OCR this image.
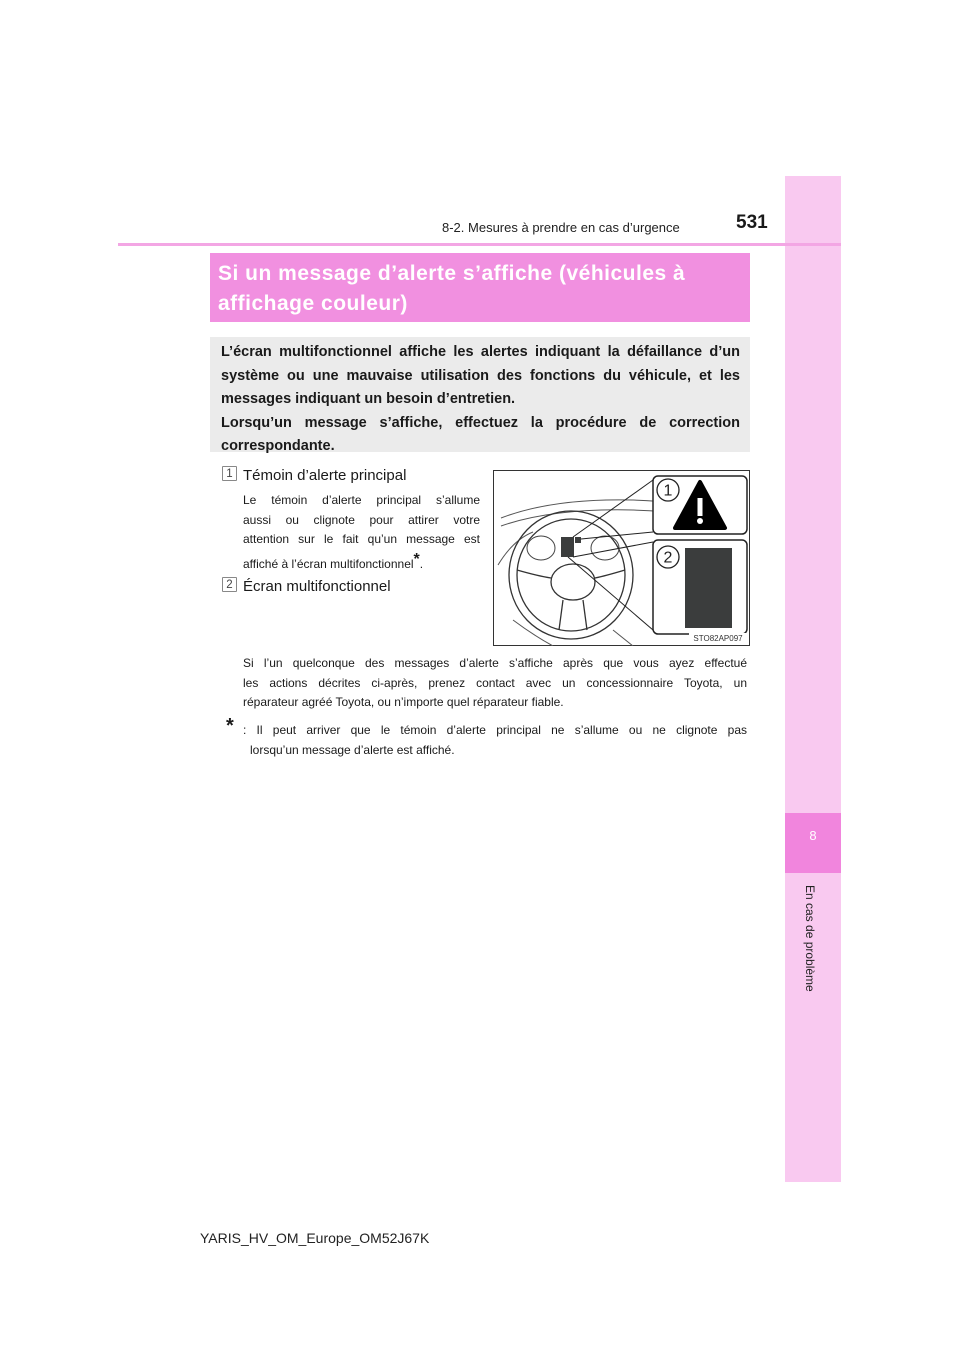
8
En cas de problème
8-2. Mesures à prendre en cas d’urgence	531
Si un message d’alerte s’affiche (véhicules à
affichage couleur)
L’écran multifonctionnel affiche les alertes indiquant la défaillance d’un
système ou une mauvaise utilisation des fonctions du véhicule, et les
messages indiquant un besoin d’entretien.
Lorsqu’un message s’affiche, effectuez la procédure de correction
correspondante.
1 Témoin d’alerte principal
Le témoin d’alerte principal s’allume
aussi ou clignote pour attirer votre
attention sur le fait qu’un message est
affiché à l’écran multifonctionnel*.
2 Écran multifonctionnel
Si l’un quelconque des messages d’alerte s’affiche après que vous ayez effectué
les actions décrites ci-après, prenez contact avec un concessionnaire Toyota, un
réparateur agréé Toyota, ou n’importe quel réparateur fiable.
* : Il peut arriver que le témoin d’alerte principal ne s’allume ou ne clignote pas
lorsqu’un message d’alerte est affiché.
1
2
STO82AP097
YARIS_HV_OM_Europe_OM52J67K
